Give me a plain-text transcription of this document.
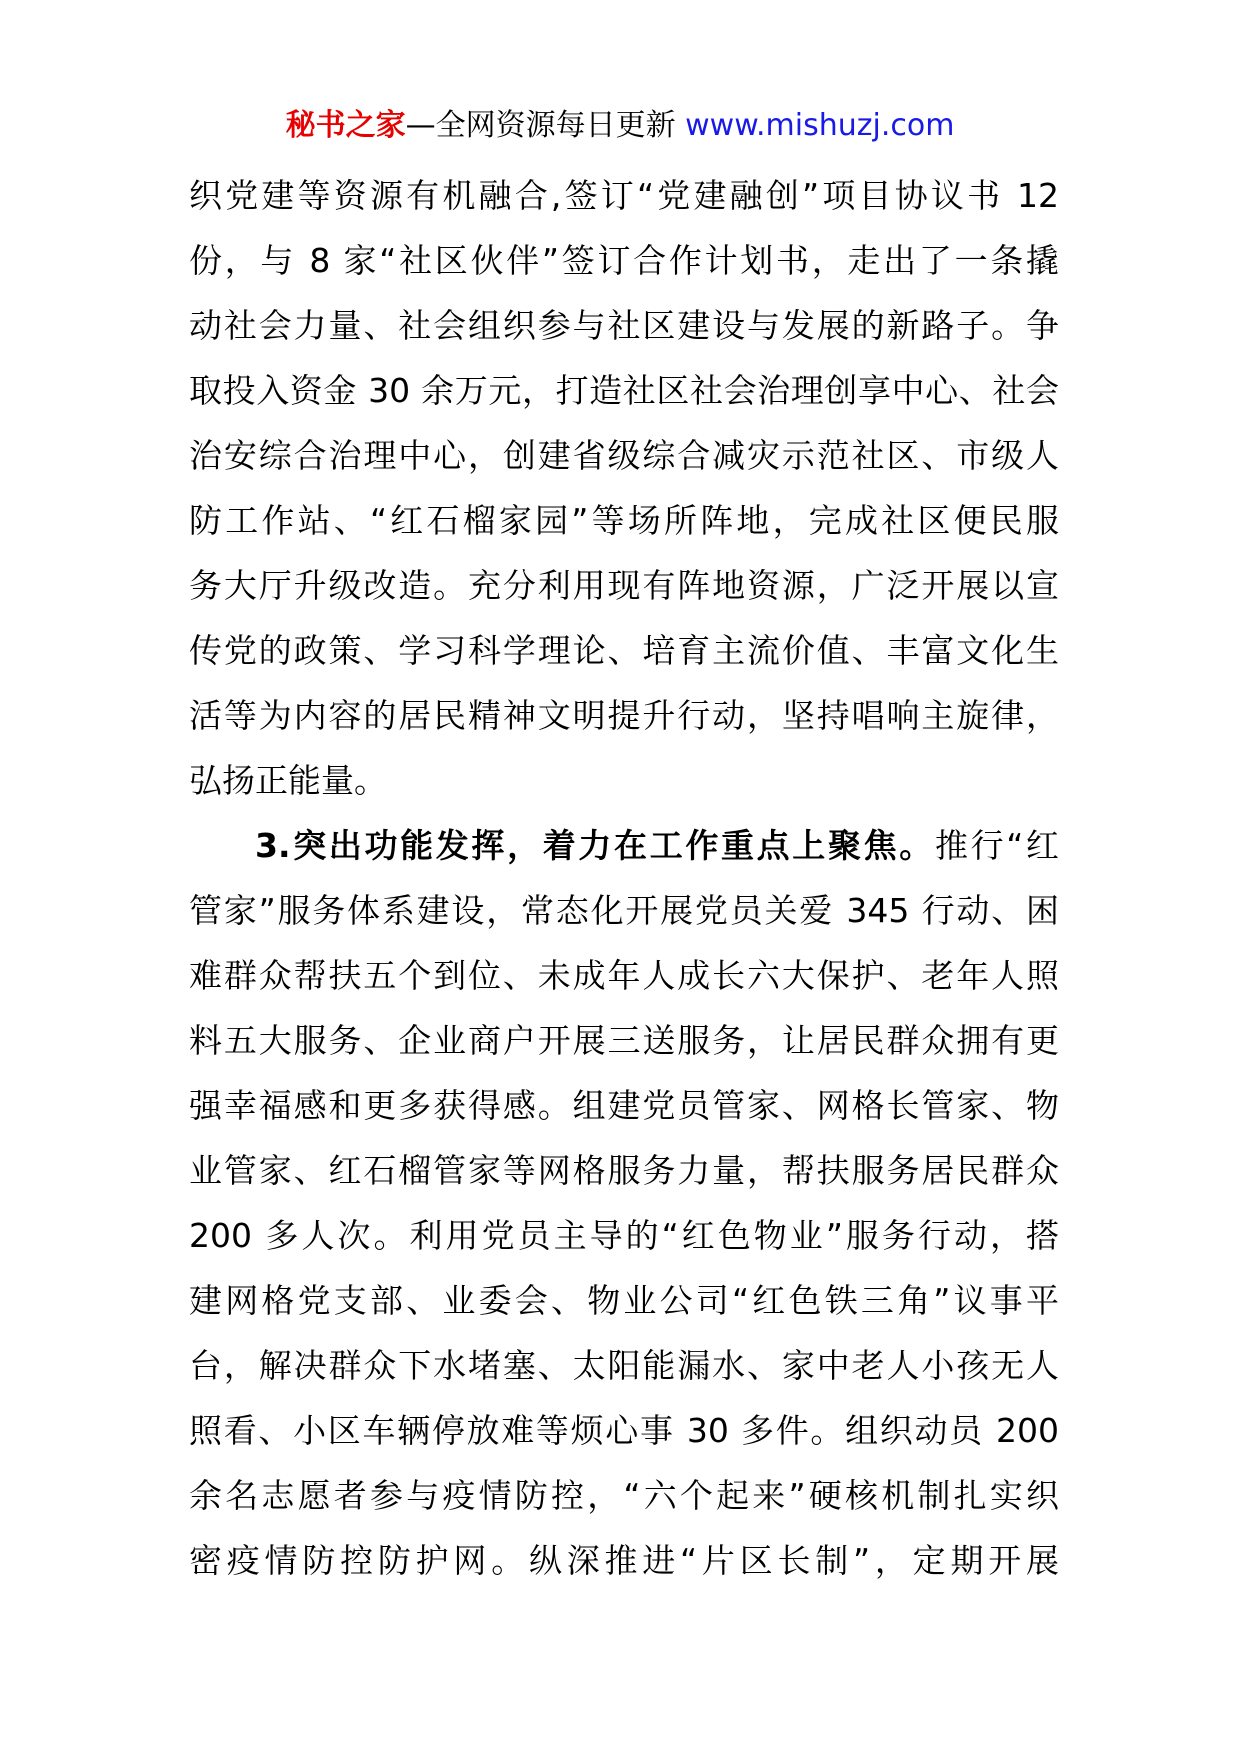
秘书之家—全网资源每日更新 www.mishuzj.com
织党建等资源有机融合,签订“党建融创”项目协议书 12
份，与 8 家“社区伙伴”签订合作计划书，走出了一条撬
动社会力量、社会组织参与社区建设与发展的新路子。争
取投入资金 30 余万元，打造社区社会治理创享中心、社会
治安综合治理中心，创建省级综合减灾示范社区、市级人
防工作站、“红石榴家园”等场所阵地，完成社区便民服
务大厅升级改造。充分利用现有阵地资源，广泛开展以宣
传党的政策、学习科学理论、培育主流价值、丰富文化生
活等为内容的居民精神文明提升行动，坚持唱响主旋律，
弘扬正能量。
3.突出功能发挥，着力在工作重点上聚焦。推行“红
管家”服务体系建设，常态化开展党员关爱 345 行动、困
难群众帮扶五个到位、未成年人成长六大保护、老年人照
料五大服务、企业商户开展三送服务，让居民群众拥有更
强幸福感和更多获得感。组建党员管家、网格长管家、物
业管家、红石榴管家等网格服务力量，帮扶服务居民群众
200 多人次。利用党员主导的“红色物业”服务行动，搭
建网格党支部、业委会、物业公司“红色铁三角”议事平
台，解决群众下水堵塞、太阳能漏水、家中老人小孩无人
照看、小区车辆停放难等烦心事 30 多件。组织动员 200
余名志愿者参与疫情防控，“六个起来”硬核机制扎实织
密疫情防控防护网。纵深推进“片区长制”，定期开展
